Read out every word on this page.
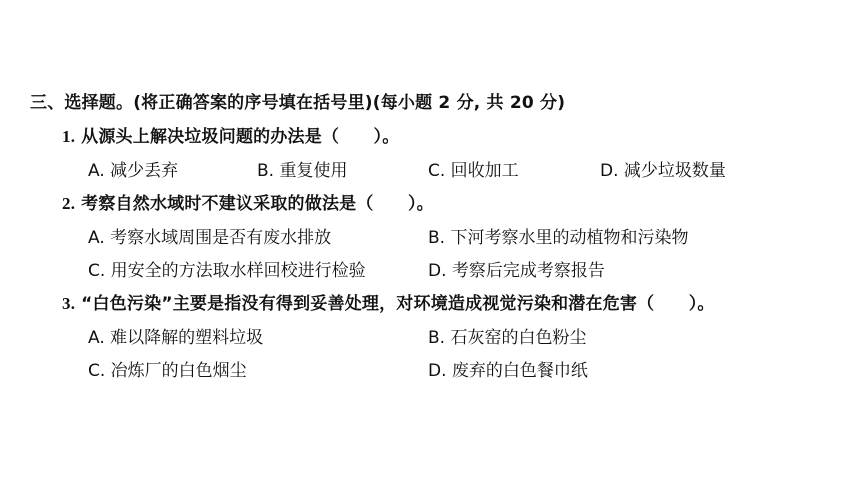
三、选择题。(将正确答案的序号填在括号里)(每小题 2 分, 共 20 分)
1. 从源头上解决垃圾问题的办法是（　　）。
A. 减少丢弃	B. 重复使用	C. 回收加工	D. 减少垃圾数量
2. 考察自然水域时不建议采取的做法是（　　）。
A. 考察水域周围是否有废水排放	B. 下河考察水里的动植物和污染物
C. 用安全的方法取水样回校进行检验	D. 考察后完成考察报告
3. “白色污染”主要是指没有得到妥善处理，对环境造成视觉污染和潜在危害（　　）。
A. 难以降解的塑料垃圾	B. 石灰窑的白色粉尘
C. 冶炼厂的白色烟尘	D. 废弃的白色餐巾纸
